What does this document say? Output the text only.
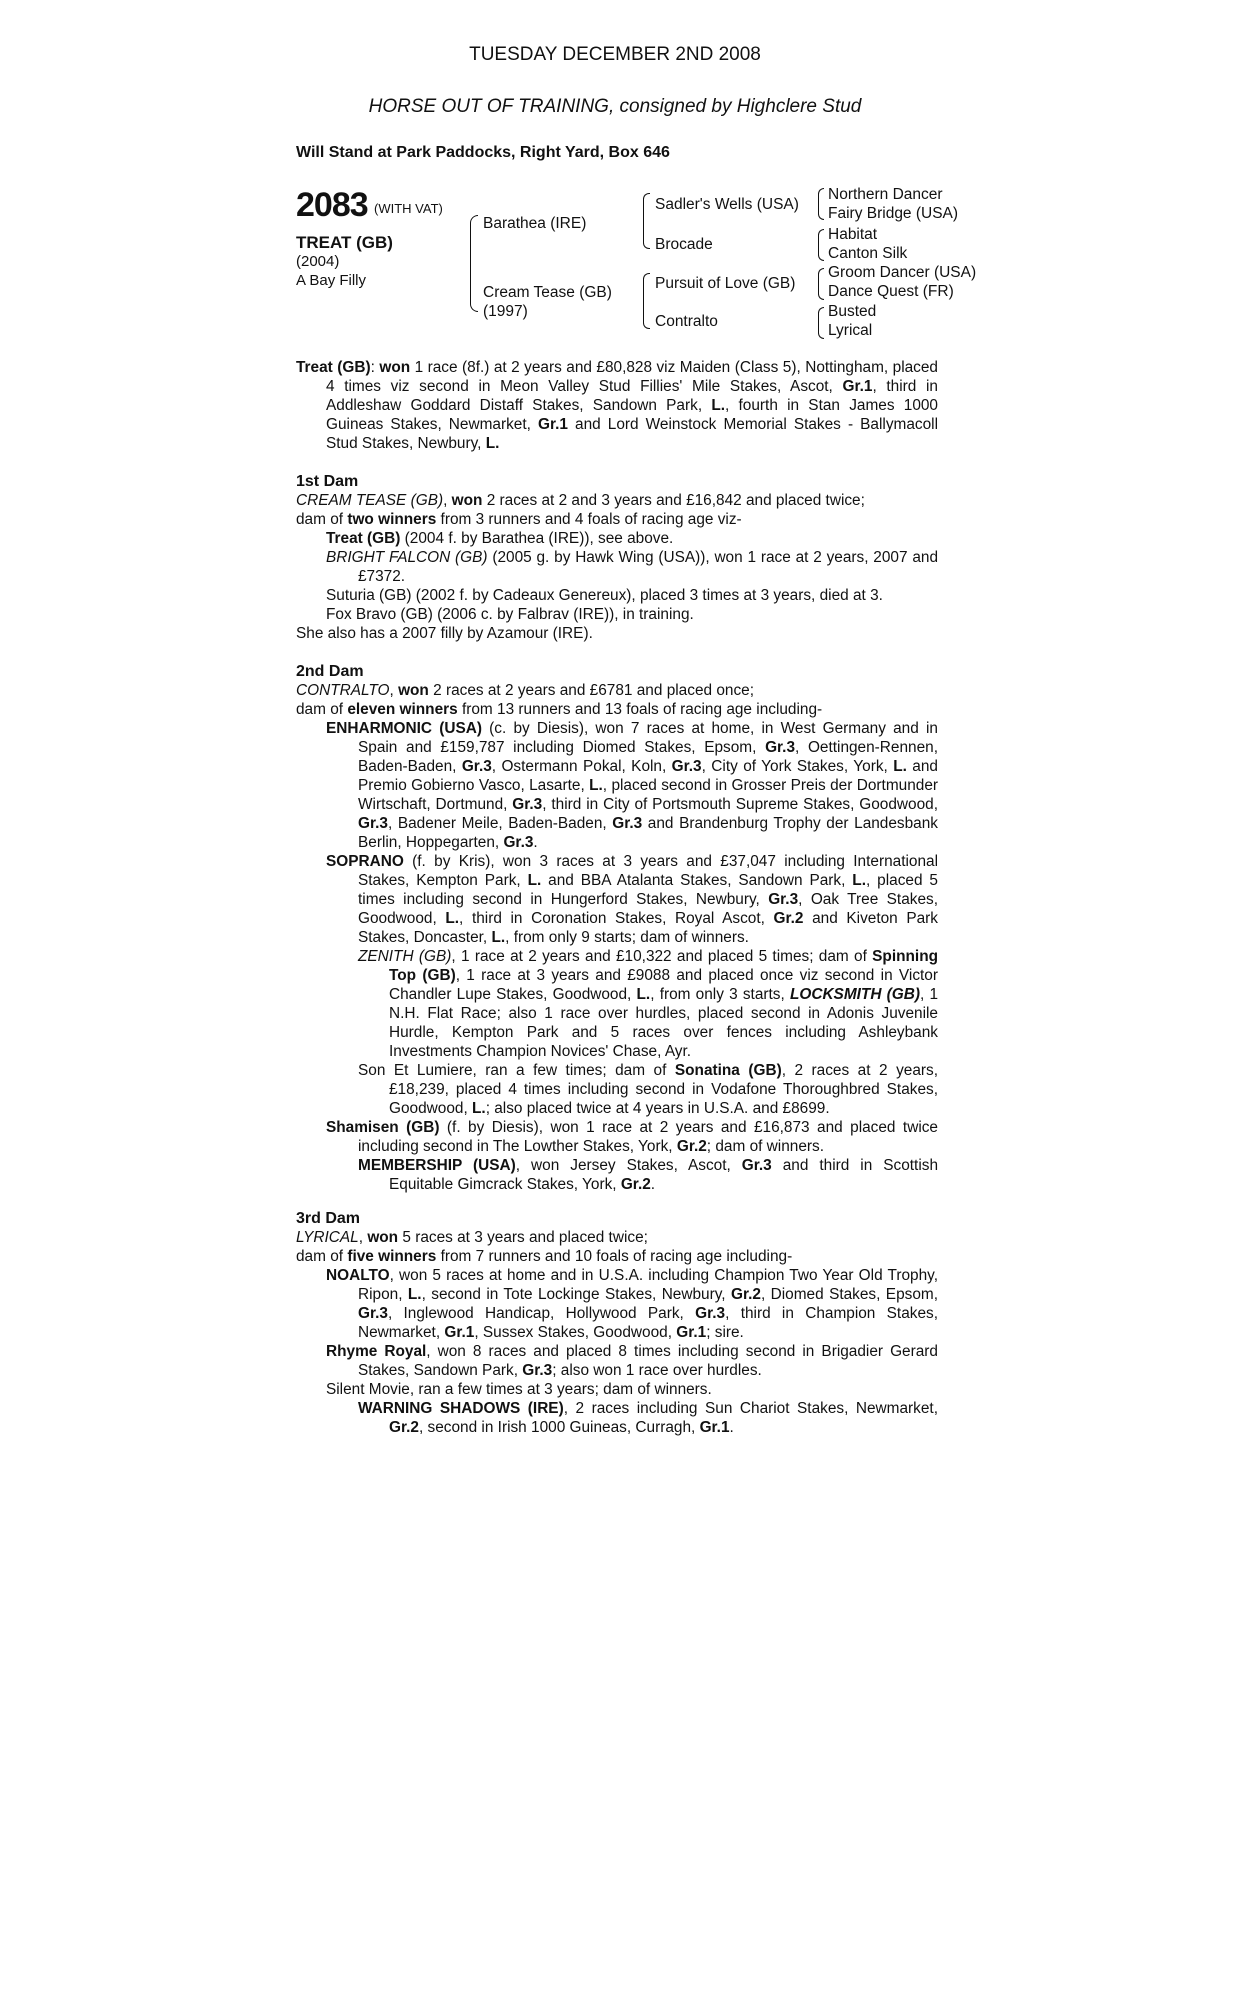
TUESDAY DECEMBER 2ND 2008
HORSE OUT OF TRAINING, consigned by Highclere Stud
Will Stand at Park Paddocks, Right Yard, Box 646
2083 (WITH VAT)
TREAT (GB)
(2004)
A Bay Filly
Barathea (IRE)
Cream Tease (GB)
(1997)
Sadler's Wells (USA)
Brocade
Pursuit of Love (GB)
Contralto
Northern Dancer
Fairy Bridge (USA)
Habitat
Canton Silk
Groom Dancer (USA)
Dance Quest (FR)
Busted
Lyrical
Treat (GB): won 1 race (8f.) at 2 years and £80,828 viz Maiden (Class 5), Nottingham, placed 4 times viz second in Meon Valley Stud Fillies' Mile Stakes, Ascot, Gr.1, third in Addleshaw Goddard Distaff Stakes, Sandown Park, L., fourth in Stan James 1000 Guineas Stakes, Newmarket, Gr.1 and Lord Weinstock Memorial Stakes - Ballymacoll Stud Stakes, Newbury, L.
1st Dam
CREAM TEASE (GB), won 2 races at 2 and 3 years and £16,842 and placed twice;
dam of two winners from 3 runners and 4 foals of racing age viz-
Treat (GB) (2004 f. by Barathea (IRE)), see above.
BRIGHT FALCON (GB) (2005 g. by Hawk Wing (USA)), won 1 race at 2 years, 2007 and £7372.
Suturia (GB) (2002 f. by Cadeaux Genereux), placed 3 times at 3 years, died at 3.
Fox Bravo (GB) (2006 c. by Falbrav (IRE)), in training.
She also has a 2007 filly by Azamour (IRE).
2nd Dam
CONTRALTO, won 2 races at 2 years and £6781 and placed once;
dam of eleven winners from 13 runners and 13 foals of racing age including-
ENHARMONIC (USA) (c. by Diesis), won 7 races at home, in West Germany and in Spain and £159,787 including Diomed Stakes, Epsom, Gr.3, Oettingen-Rennen, Baden-Baden, Gr.3, Ostermann Pokal, Koln, Gr.3, City of York Stakes, York, L. and Premio Gobierno Vasco, Lasarte, L., placed second in Grosser Preis der Dortmunder Wirtschaft, Dortmund, Gr.3, third in City of Portsmouth Supreme Stakes, Goodwood, Gr.3, Badener Meile, Baden-Baden, Gr.3 and Brandenburg Trophy der Landesbank Berlin, Hoppegarten, Gr.3.
SOPRANO (f. by Kris), won 3 races at 3 years and £37,047 including International Stakes, Kempton Park, L. and BBA Atalanta Stakes, Sandown Park, L., placed 5 times including second in Hungerford Stakes, Newbury, Gr.3, Oak Tree Stakes, Goodwood, L., third in Coronation Stakes, Royal Ascot, Gr.2 and Kiveton Park Stakes, Doncaster, L., from only 9 starts; dam of winners.
ZENITH (GB), 1 race at 2 years and £10,322 and placed 5 times; dam of Spinning Top (GB), 1 race at 3 years and £9088 and placed once viz second in Victor Chandler Lupe Stakes, Goodwood, L., from only 3 starts, LOCKSMITH (GB), 1 N.H. Flat Race; also 1 race over hurdles, placed second in Adonis Juvenile Hurdle, Kempton Park and 5 races over fences including Ashleybank Investments Champion Novices' Chase, Ayr.
Son Et Lumiere, ran a few times; dam of Sonatina (GB), 2 races at 2 years, £18,239, placed 4 times including second in Vodafone Thoroughbred Stakes, Goodwood, L.; also placed twice at 4 years in U.S.A. and £8699.
Shamisen (GB) (f. by Diesis), won 1 race at 2 years and £16,873 and placed twice including second in The Lowther Stakes, York, Gr.2; dam of winners.
MEMBERSHIP (USA), won Jersey Stakes, Ascot, Gr.3 and third in Scottish Equitable Gimcrack Stakes, York, Gr.2.
3rd Dam
LYRICAL, won 5 races at 3 years and placed twice;
dam of five winners from 7 runners and 10 foals of racing age including-
NOALTO, won 5 races at home and in U.S.A. including Champion Two Year Old Trophy, Ripon, L., second in Tote Lockinge Stakes, Newbury, Gr.2, Diomed Stakes, Epsom, Gr.3, Inglewood Handicap, Hollywood Park, Gr.3, third in Champion Stakes, Newmarket, Gr.1, Sussex Stakes, Goodwood, Gr.1; sire.
Rhyme Royal, won 8 races and placed 8 times including second in Brigadier Gerard Stakes, Sandown Park, Gr.3; also won 1 race over hurdles.
Silent Movie, ran a few times at 3 years; dam of winners.
WARNING SHADOWS (IRE), 2 races including Sun Chariot Stakes, Newmarket, Gr.2, second in Irish 1000 Guineas, Curragh, Gr.1.
